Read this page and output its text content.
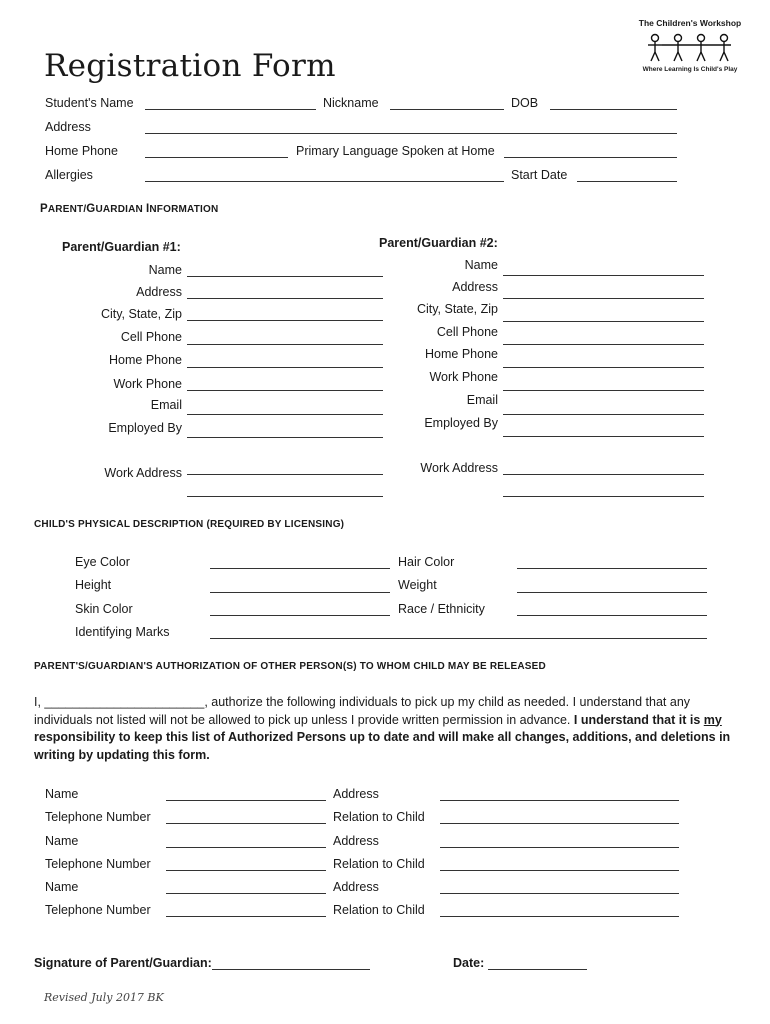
The Children's Workshop
Where Learning Is Child's Play
Registration Form
Student's Name	Nickname	DOB
Address
Home Phone	Primary Language Spoken at Home
Allergies	Start Date
PARENT/GUARDIAN INFORMATION
Parent/Guardian #1:
Name
Address
City, State, Zip
Cell Phone
Home Phone
Work Phone
Email
Employed By
Work Address
Parent/Guardian #2:
Name
Address
City, State, Zip
Cell Phone
Home Phone
Work Phone
Email
Employed By
Work Address
CHILD'S PHYSICAL DESCRIPTION (REQUIRED BY LICENSING)
Eye Color	Hair Color
Height	Weight
Skin Color	Race / Ethnicity
Identifying Marks
PARENT'S/GUARDIAN'S AUTHORIZATION OF OTHER PERSON(S) TO WHOM CHILD MAY BE RELEASED
I, _______________________, authorize the following individuals to pick up my child as needed. I understand that any individuals not listed will not be allowed to pick up unless I provide written permission in advance. I understand that it is my responsibility to keep this list of Authorized Persons up to date and will make all changes, additions, and deletions in writing by updating this form.
Name	Address
Telephone Number	Relation to Child
Name	Address
Telephone Number	Relation to Child
Name	Address
Telephone Number	Relation to Child
Signature of Parent/Guardian:	Date:
Revised July 2017 BK
